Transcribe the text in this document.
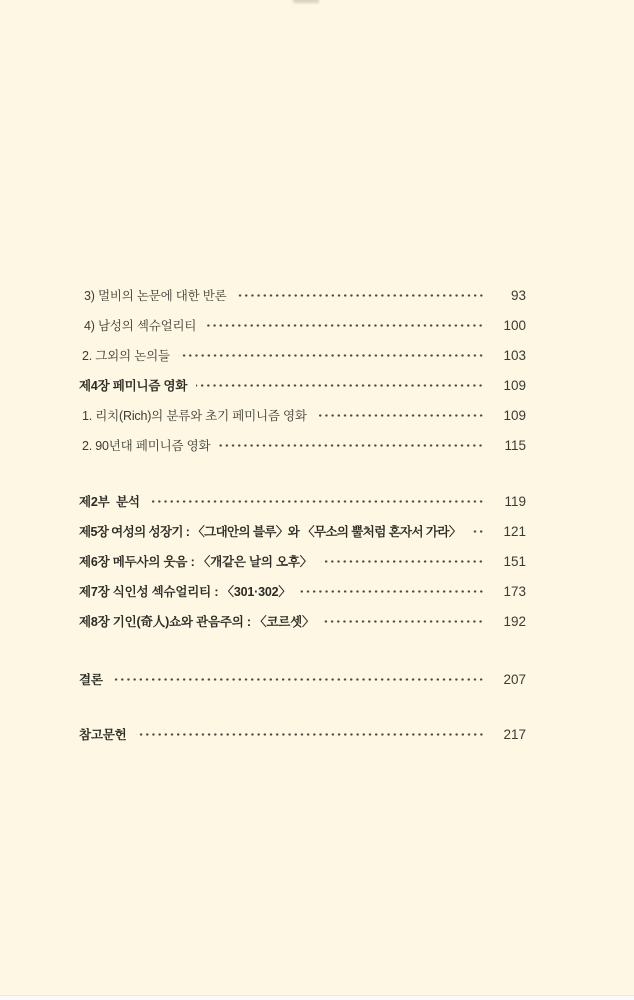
3) 멀비의 논문에 대한 반론	93
4) 남성의 섹슈얼리티	100
2. 그외의 논의들	103
제4장 페미니즘 영화	109
1. 리치(Rich)의 분류와 초기 페미니즘 영화	109
2. 90년대 페미니즘 영화	115
제2부  분석	119
제5장 여성의 성장기 : 〈그대안의 블루〉와 〈무소의 뿔처럼 혼자서 가라〉	121
제6장 메두사의 웃음 : 〈개같은 날의 오후〉	151
제7장 식인성 섹슈얼리티 : 〈301·302〉	173
제8장 기인(奇人)쇼와 관음주의 : 〈코르셋〉	192
결론	207
참고문헌	217
